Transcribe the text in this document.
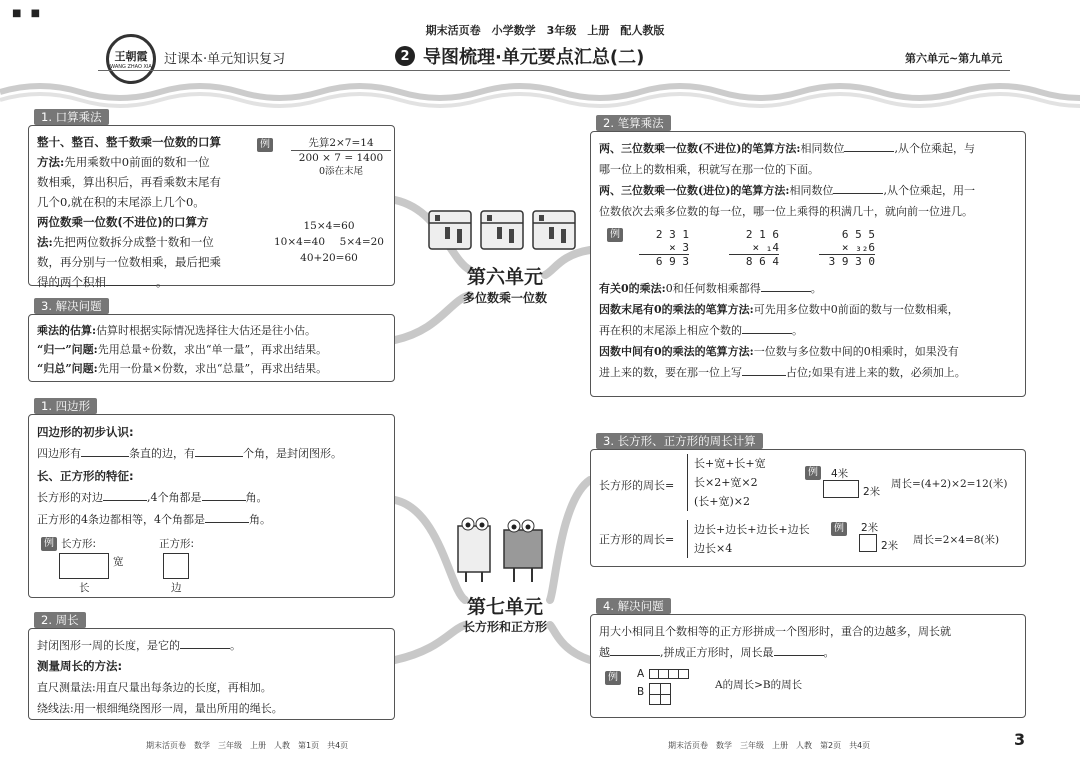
■ ■
期末活页卷　小学数学　3年级　上册　配人教版
王朝霞
WANG ZHAO XIA 过课本·单元知识复习	2 导图梳理·单元要点汇总(二)	第六单元~第九单元
1. 口算乘法
整十、整百、整千数乘一位数的口算
方法:先用乘数中0前面的数和一位
数相乘，算出积后，再看乘数末尾有
几个0,就在积的末尾添上几个0。
两位数乘一位数(不进位)的口算方
法:先把两位数拆分成整十数和一位
数，再分别与一位数相乘，最后把乘
得的两个积相	。
例	先算2×7=14
200 × 7 = 1400
0添在末尾
15×4=60
10×4=40 5×4=20
40+20=60
3. 解决问题
乘法的估算:估算时根据实际情况选择往大估还是往小估。
“归一”问题:先用总量÷份数，求出“单一量”，再求出结果。
“归总”问题:先用一份量×份数，求出“总量”，再求出结果。
2. 笔算乘法
两、三位数乘一位数(不进位)的笔算方法:相同数位	,从个位乘起，与
哪一位上的数相乘，积就写在那一位的下面。
两、三位数乘一位数(进位)的笔算方法:相同数位	,从个位乘起，用一
位数依次去乘多位数的每一位，哪一位上乘得的积满几十，就向前一位进几。
例	2 3 1
× 3
6 9 3
2 1 6
× ₁4
8 6 4
6 5 5
× ₃₂6
3 9 3 0
有关0的乘法:0和任何数相乘都得	。
因数末尾有0的乘法的笔算方法:可先用多位数中0前面的数与一位数相乘，
再在积的末尾添上相应个数的	。
因数中间有0的乘法的笔算方法:一位数与多位数中间的0相乘时，如果没有
进上来的数，要在那一位上写	占位;如果有进上来的数，必须加上。
第六单元
多位数乘一位数
第七单元
长方形和正方形
1. 四边形
四边形的初步认识:
四边形有	条直的边，有	个角，是封闭图形。
长、正方形的特征:
长方形的对边	,4个角都是	角。
正方形的4条边都相等，4个角都是	角。
例 长方形:
宽
长
正方形:
边
2. 周长
封闭图形一周的长度，是它的	。
测量周长的方法:
直尺测量法:用直尺量出每条边的长度，再相加。
绕线法:用一根细绳绕图形一周，量出所用的绳长。
3. 长方形、正方形的周长计算
长方形的周长=
长+宽+长+宽
长×2+宽×2
(长+宽)×2
例 4米
2米
周长=(4+2)×2=12(米)
正方形的周长=
边长+边长+边长+边长
边长×4
例 2米
2米 周长=2×4=8(米)
4. 解决问题
用大小相同且个数相等的正方形拼成一个图形时，重合的边越多，周长就
越	,拼成正方形时，周长最	。
例 A
B
A的周长>B的周长
期末活页卷　数学　三年级　上册　人教　第1页　共4页	期末活页卷　数学　三年级　上册　人教　第2页　共4页	3
